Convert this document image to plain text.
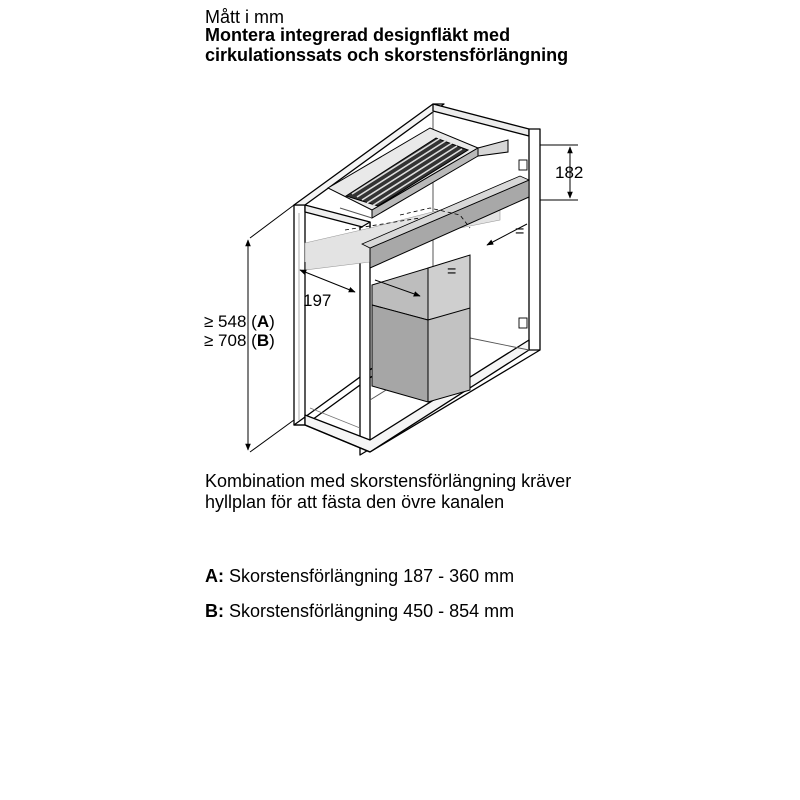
Mått i mm
Montera integrerad designfläkt med
cirkulationssats och skorstensförlängning
182
197
=
=
≥ 548 (A)
≥ 708 (B)
Kombination med skorstensförlängning kräver
hyllplan för att fästa den övre kanalen
A: Skorstensförlängning 187 - 360 mm
B: Skorstensförlängning 450 - 854 mm
